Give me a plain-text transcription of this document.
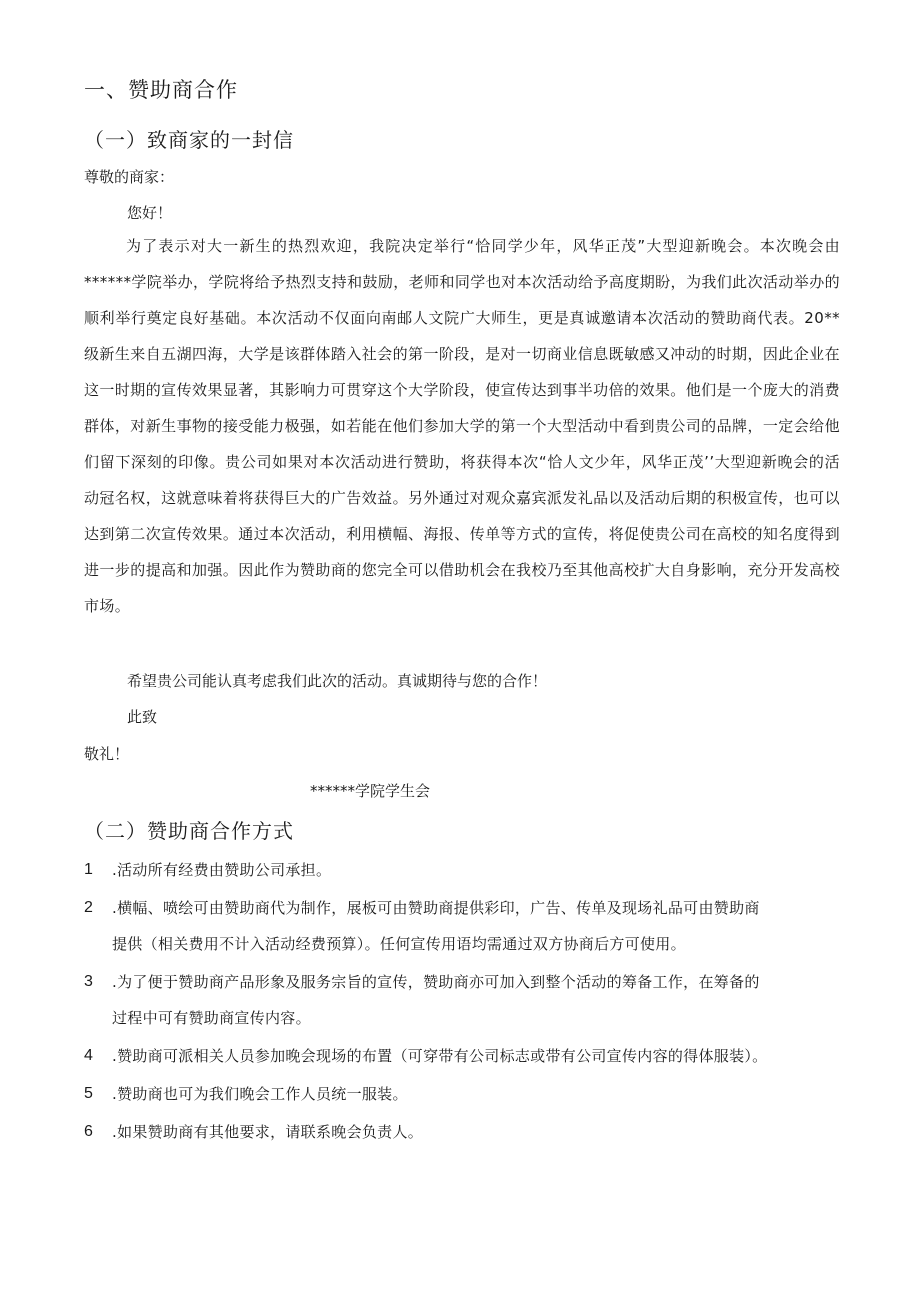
一、赞助商合作
（一）致商家的一封信
尊敬的商家：
您好！
为了表示对大一新生的热烈欢迎，我院决定举行“恰同学少年，风华正茂”大型迎新晚会。本次晚会由******学院举办，学院将给予热烈支持和鼓励，老师和同学也对本次活动给予高度期盼，为我们此次活动举办的顺利举行奠定良好基础。本次活动不仅面向南邮人文院广大师生，更是真诚邀请本次活动的赞助商代表。20**级新生来自五湖四海，大学是该群体踏入社会的第一阶段，是对一切商业信息既敏感又冲动的时期，因此企业在这一时期的宣传效果显著，其影响力可贯穿这个大学阶段，使宣传达到事半功倍的效果。他们是一个庞大的消费群体，对新生事物的接受能力极强，如若能在他们参加大学的第一个大型活动中看到贵公司的品牌，一定会给他们留下深刻的印像。贵公司如果对本次活动进行赞助，将获得本次“恰人文少年，风华正茂’’大型迎新晚会的活动冠名权，这就意味着将获得巨大的广告效益。另外通过对观众嘉宾派发礼品以及活动后期的积极宣传，也可以达到第二次宣传效果。通过本次活动，利用横幅、海报、传单等方式的宣传，将促使贵公司在高校的知名度得到进一步的提高和加强。因此作为赞助商的您完全可以借助机会在我校乃至其他高校扩大自身影响，充分开发高校市场。
希望贵公司能认真考虑我们此次的活动。真诚期待与您的合作！
此致
敬礼！
******学院学生会
（二）赞助商合作方式
1	.活动所有经费由赞助公司承担。
2	.横幅、喷绘可由赞助商代为制作，展板可由赞助商提供彩印，广告、传单及现场礼品可由赞助商
提供（相关费用不计入活动经费预算）。任何宣传用语均需通过双方协商后方可使用。
3	.为了便于赞助商产品形象及服务宗旨的宣传，赞助商亦可加入到整个活动的筹备工作，在筹备的
过程中可有赞助商宣传内容。
4	.赞助商可派相关人员参加晚会现场的布置（可穿带有公司标志或带有公司宣传内容的得体服装）。
5	.赞助商也可为我们晚会工作人员统一服装。
6	.如果赞助商有其他要求，请联系晚会负责人。
